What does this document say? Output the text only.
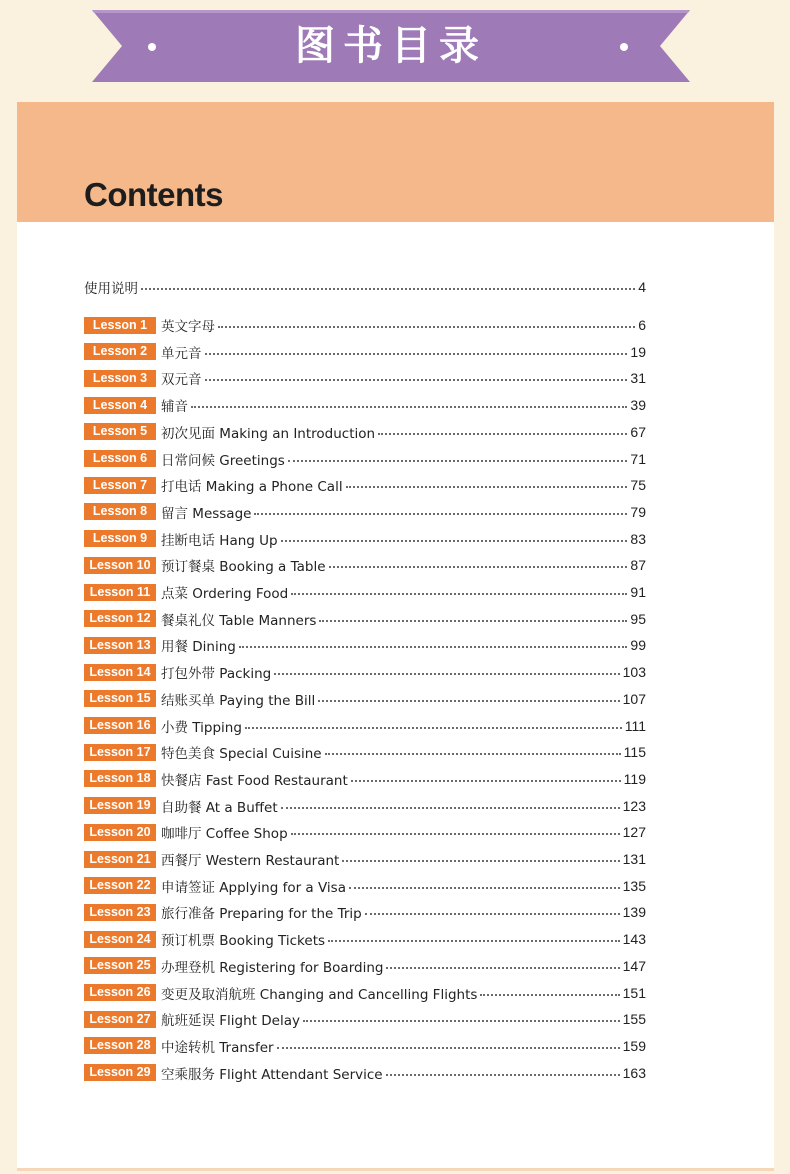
图书目录
Contents
使用说明	4
Lesson 1	英文字母	6
Lesson 2	单元音	19
Lesson 3	双元音	31
Lesson 4	辅音	39
Lesson 5	初次见面 Making an Introduction	67
Lesson 6	日常问候 Greetings	71
Lesson 7	打电话 Making a Phone Call	75
Lesson 8	留言 Message	79
Lesson 9	挂断电话 Hang Up	83
Lesson 10 预订餐桌 Booking a Table	87
Lesson 11 点菜 Ordering Food	91
Lesson 12 餐桌礼仪 Table Manners	95
Lesson 13 用餐 Dining	99
Lesson 14 打包外带 Packing	103
Lesson 15 结账买单 Paying the Bill	107
Lesson 16 小费 Tipping	111
Lesson 17 特色美食 Special Cuisine	115
Lesson 18 快餐店 Fast Food Restaurant	119
Lesson 19 自助餐 At a Buffet	123
Lesson 20 咖啡厅 Coffee Shop	127
Lesson 21 西餐厅 Western Restaurant	131
Lesson 22 申请签证 Applying for a Visa	135
Lesson 23 旅行准备 Preparing for the Trip	139
Lesson 24 预订机票 Booking Tickets	143
Lesson 25 办理登机 Registering for Boarding	147
Lesson 26 变更及取消航班 Changing and Cancelling Flights	151
Lesson 27 航班延误 Flight Delay	155
Lesson 28 中途转机 Transfer	159
Lesson 29 空乘服务 Flight Attendant Service	163
